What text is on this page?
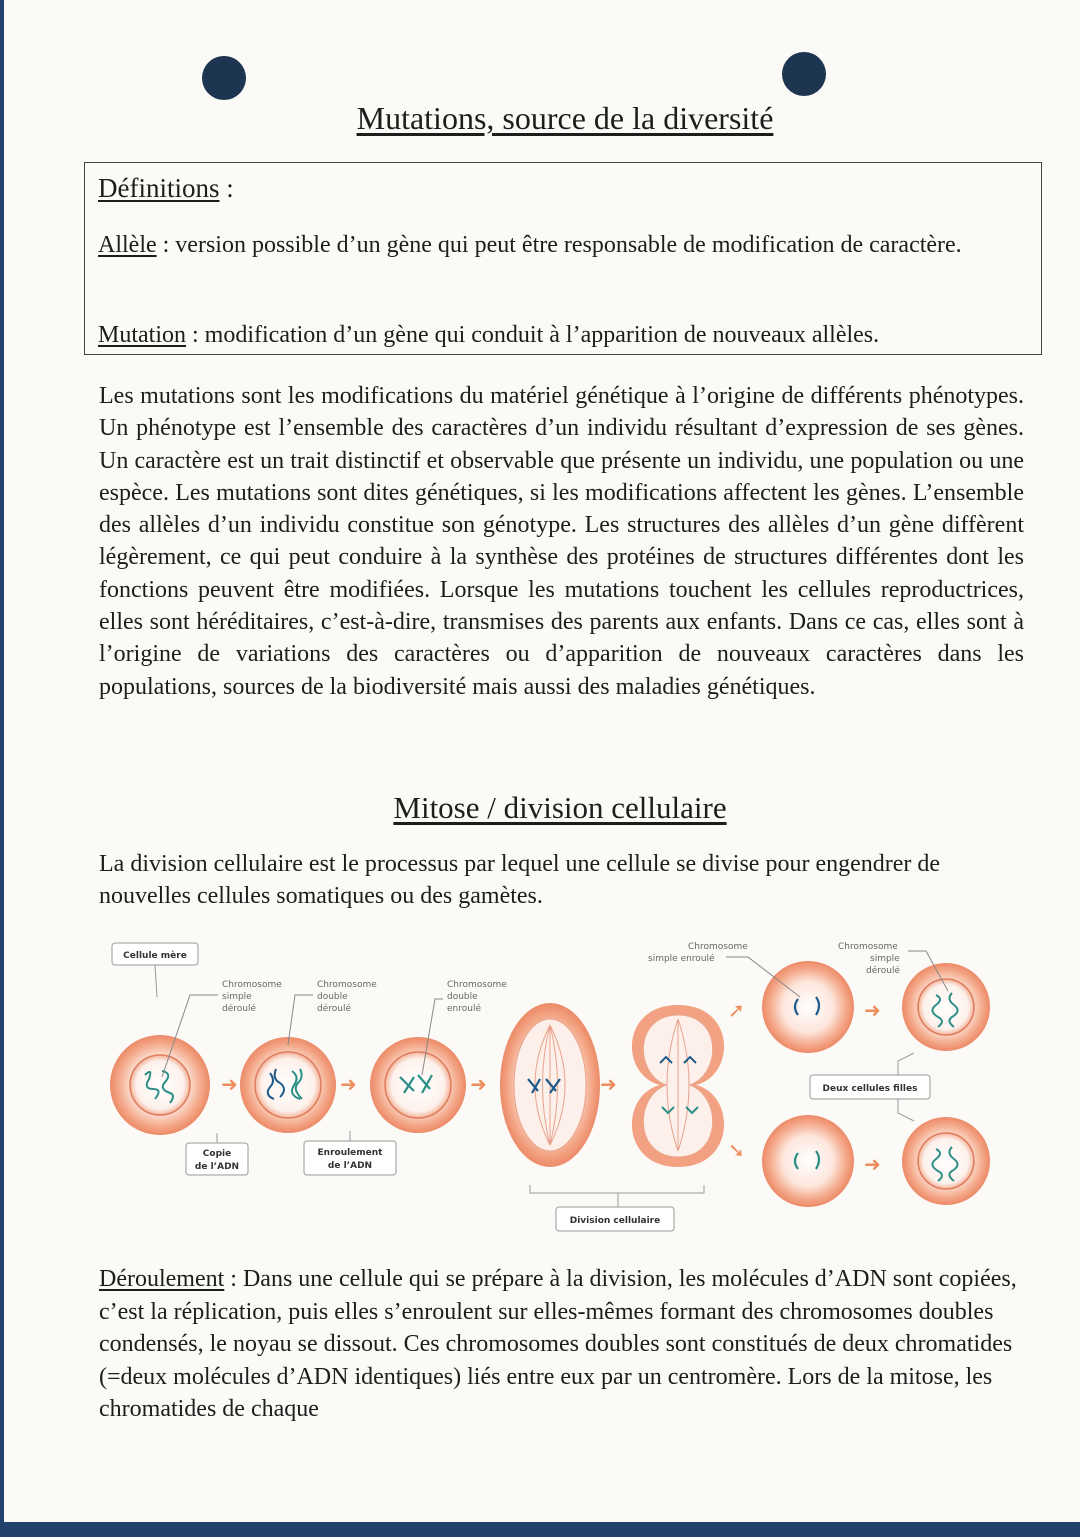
Mutations, source de la diversité
Définitions :
Allèle : version possible d’un gène qui peut être responsable de modification de caractère.
Mutation : modification d’un gène qui conduit à l’apparition de nouveaux allèles.
Les mutations sont les modifications du matériel génétique à l’origine de différents phénotypes. Un phénotype est l’ensemble des caractères d’un individu résultant d’expression de ses gènes. Un caractère est un trait distinctif et observable que présente un individu, une population ou une espèce. Les mutations sont dites génétiques, si les modifications affectent les gènes. L’ensemble des allèles d’un individu constitue son génotype. Les structures des allèles d’un gène diffèrent légèrement, ce qui peut conduire à la synthèse des protéines de structures différentes dont les fonctions peuvent être modifiées. Lorsque les mutations touchent les cellules reproductrices, elles sont héréditaires, c’est-à-dire, transmises des parents aux enfants. Dans ce cas, elles sont à l’origine de variations des caractères ou d’apparition de nouveaux caractères dans les populations, sources de la biodiversité mais aussi des maladies génétiques.
Mitose / division cellulaire
La division cellulaire est le processus par lequel une cellule se divise pour engendrer de nouvelles cellules somatiques ou des gamètes.
Cellule mère
Chromosome
simple
déroulé
➜
Chromosome
double
déroulé
Copie
de l’ADN
➜
Chromosome
double
enroulé
Enroulement
de l’ADN
➜	➜
Division cellulaire
➚
➘
Chromosome
simple enroulé
➜
Chromosome
simple
déroulé
Deux cellules filles
➜
Déroulement : Dans une cellule qui se prépare à la division, les molécules d’ADN sont copiées, c’est la réplication, puis elles s’enroulent sur elles-mêmes formant des chromosomes doubles condensés, le noyau se dissout. Ces chromosomes doubles sont constitués de deux chromatides (=deux molécules d’ADN identiques) liés entre eux par un centromère. Lors de la mitose, les chromatides de chaque
